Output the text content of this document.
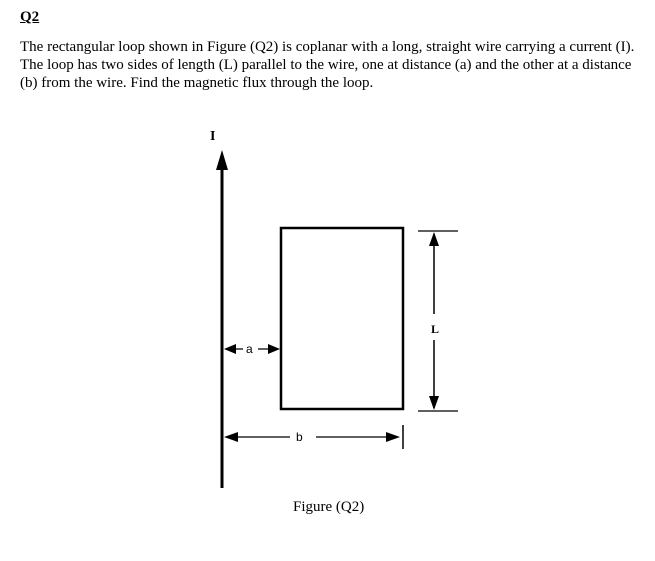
Q2

The rectangular loop shown in Figure (Q2) is coplanar with a long, straight wire carrying a current (I). The loop has two sides of length (L) parallel to the wire, one at distance (a) and the other at a distance (b) from the wire. Find the magnetic flux through the loop.

I
L
a
b
Figure (Q2)
